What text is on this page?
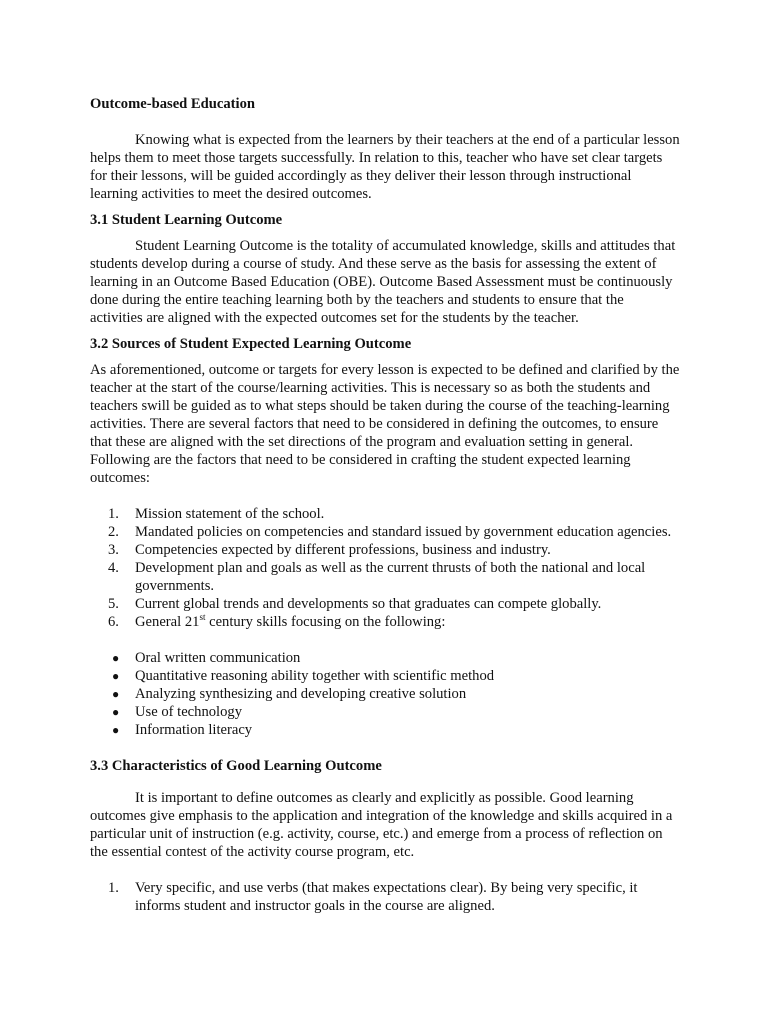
Outcome-based Education

Knowing what is expected from the learners by their teachers at the end of a particular lesson helps them to meet those targets successfully. In relation to this, teacher who have set clear targets for their lessons, will be guided accordingly as they deliver their lesson through instructional learning activities to meet the desired outcomes.

3.1 Student Learning Outcome

Student Learning Outcome is the totality of accumulated knowledge, skills and attitudes that students develop during a course of study. And these serve as the basis for assessing the extent of learning in an Outcome Based Education (OBE). Outcome Based Assessment must be continuously done during the entire teaching learning both by the teachers and students to ensure that the activities are aligned with the expected outcomes set for the students by the teacher.

3.2 Sources of Student Expected Learning Outcome

As aforementioned, outcome or targets for every lesson is expected to be defined and clarified by the teacher at the start of the course/learning activities. This is necessary so as both the students and teachers swill be guided as to what steps should be taken during the course of the teaching-learning activities. There are several factors that need to be considered in defining the outcomes, to ensure that these are aligned with the set directions of the program and evaluation setting in general. Following are the factors that need to be considered in crafting the student expected learning outcomes:

1. Mission statement of the school.
2. Mandated policies on competencies and standard issued by government education agencies.
3. Competencies expected by different professions, business and industry.
4. Development plan and goals as well as the current thrusts of both the national and local governments.
5. Current global trends and developments so that graduates can compete globally.
6. General 21st century skills focusing on the following:
● Oral written communication
● Quantitative reasoning ability together with scientific method
● Analyzing synthesizing and developing creative solution
● Use of technology
● Information literacy
3.3 Characteristics of Good Learning Outcome

It is important to define outcomes as clearly and explicitly as possible. Good learning outcomes give emphasis to the application and integration of the knowledge and skills acquired in a particular unit of instruction (e.g. activity, course, etc.) and emerge from a process of reflection on the essential contest of the activity course program, etc.

1. Very specific, and use verbs (that makes expectations clear). By being very specific, it informs student and instructor goals in the course are aligned.
